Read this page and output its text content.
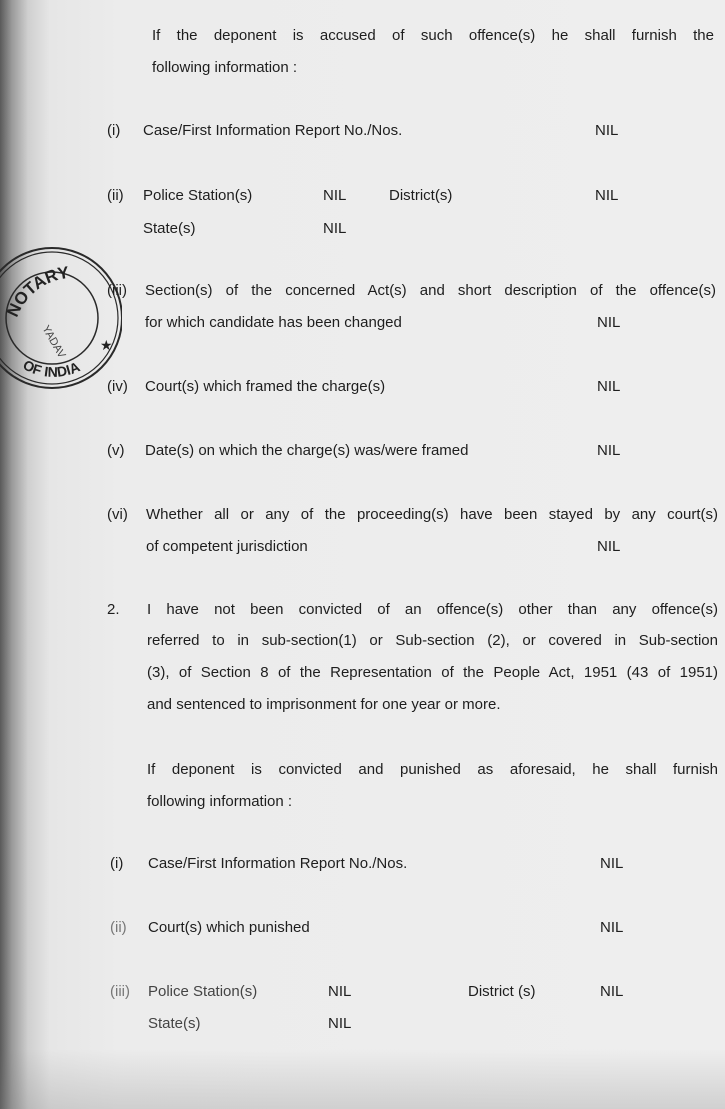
NOTARY
OF INDIA
YADAV ★
If the deponent is accused of such offence(s) he shall furnish the
following information :
(i) Case/First Information Report No./Nos.	NIL
(ii) Police Station(s)	NIL	District(s)	NIL
State(s)	NIL
(iii) Section(s) of the concerned Act(s) and short description of the offence(s)
for which candidate has been changed	NIL
(iv) Court(s) which framed the charge(s)	NIL
(v) Date(s) on which the charge(s) was/were framed	NIL
(vi) Whether all or any of the proceeding(s) have been stayed by any court(s)
of competent jurisdiction	NIL
2. I have not been convicted of an offence(s) other than any offence(s)
referred to in sub-section(1) or Sub-section (2), or covered in Sub-section
(3), of Section 8 of the Representation of the People Act, 1951 (43 of 1951)
and sentenced to imprisonment for one year or more.
If deponent is convicted and punished as aforesaid, he shall furnish
following information :
(i) Case/First Information Report No./Nos.	NIL
(ii) Court(s) which punished	NIL
(iii) Police Station(s)	NIL	District (s)	NIL
State(s)	NIL
